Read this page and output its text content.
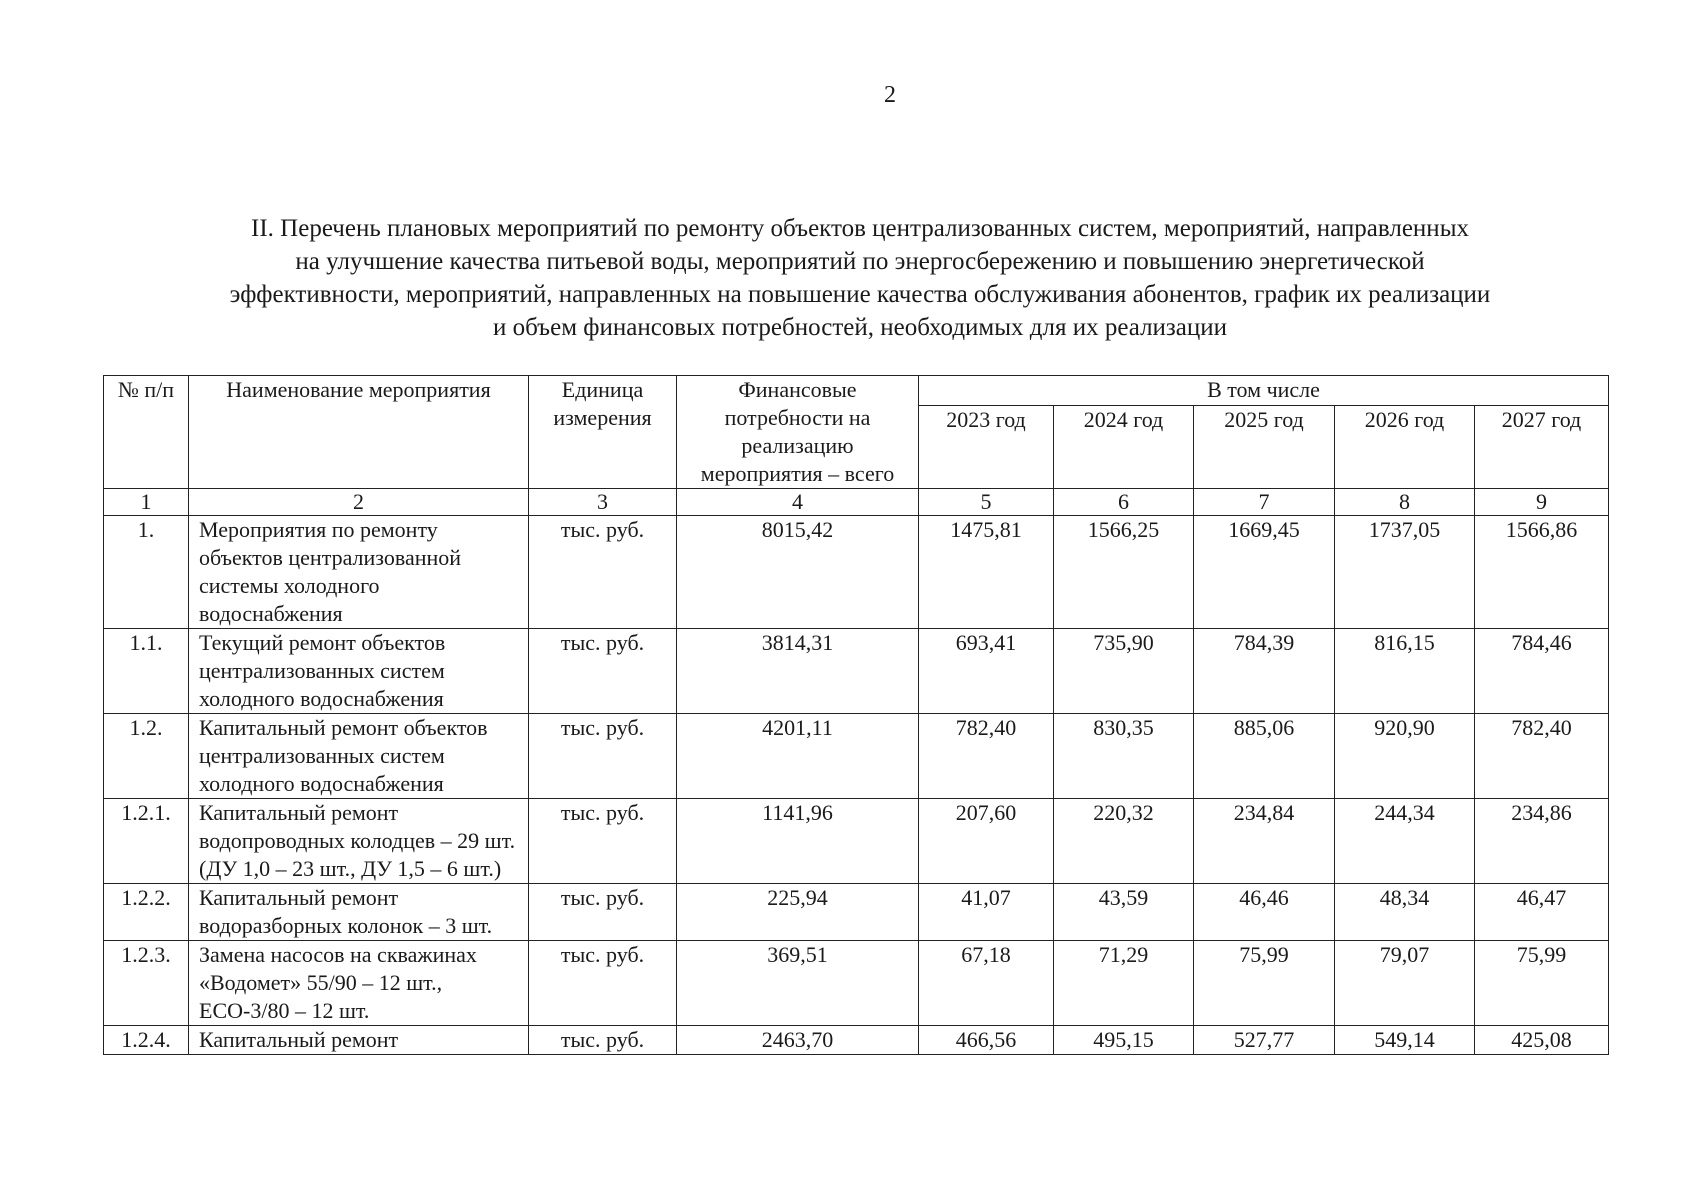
2
II. Перечень плановых мероприятий по ремонту объектов централизованных систем, мероприятий, направленных
на улучшение качества питьевой воды, мероприятий по энергосбережению и повышению энергетической
эффективности, мероприятий, направленных на повышение качества обслуживания абонентов, график их реализации
и объем финансовых потребностей, необходимых для их реализации
№ п/п	Наименование мероприятия	Единица измерения	Финансовые потребности на реализацию мероприятия – всего	В том числе				
				2023 год	2024 год	2025 год	2026 год	2027 год
1	2	3	4	5	6	7	8	9
1.	Мероприятия по ремонту объектов централизованной системы холодного водоснабжения	тыс. руб.	8015,42	1475,81	1566,25	1669,45	1737,05	1566,86
1.1.	Текущий ремонт объектов централизованных систем холодного водоснабжения	тыс. руб.	3814,31	693,41	735,90	784,39	816,15	784,46
1.2.	Капитальный ремонт объектов централизованных систем холодного водоснабжения	тыс. руб.	4201,11	782,40	830,35	885,06	920,90	782,40
1.2.1.	Капитальный ремонт водопроводных колодцев – 29 шт. (ДУ 1,0 – 23 шт., ДУ 1,5 – 6 шт.)	тыс. руб.	1141,96	207,60	220,32	234,84	244,34	234,86
1.2.2.	Капитальный ремонт водоразборных колонок – 3 шт.	тыс. руб.	225,94	41,07	43,59	46,46	48,34	46,47
1.2.3.	Замена насосов на скважинах «Водомет» 55/90 – 12 шт., ЕСО-3/80 – 12 шт.	тыс. руб.	369,51	67,18	71,29	75,99	79,07	75,99
1.2.4.	Капитальный ремонт	тыс. руб.	2463,70	466,56	495,15	527,77	549,14	425,08
